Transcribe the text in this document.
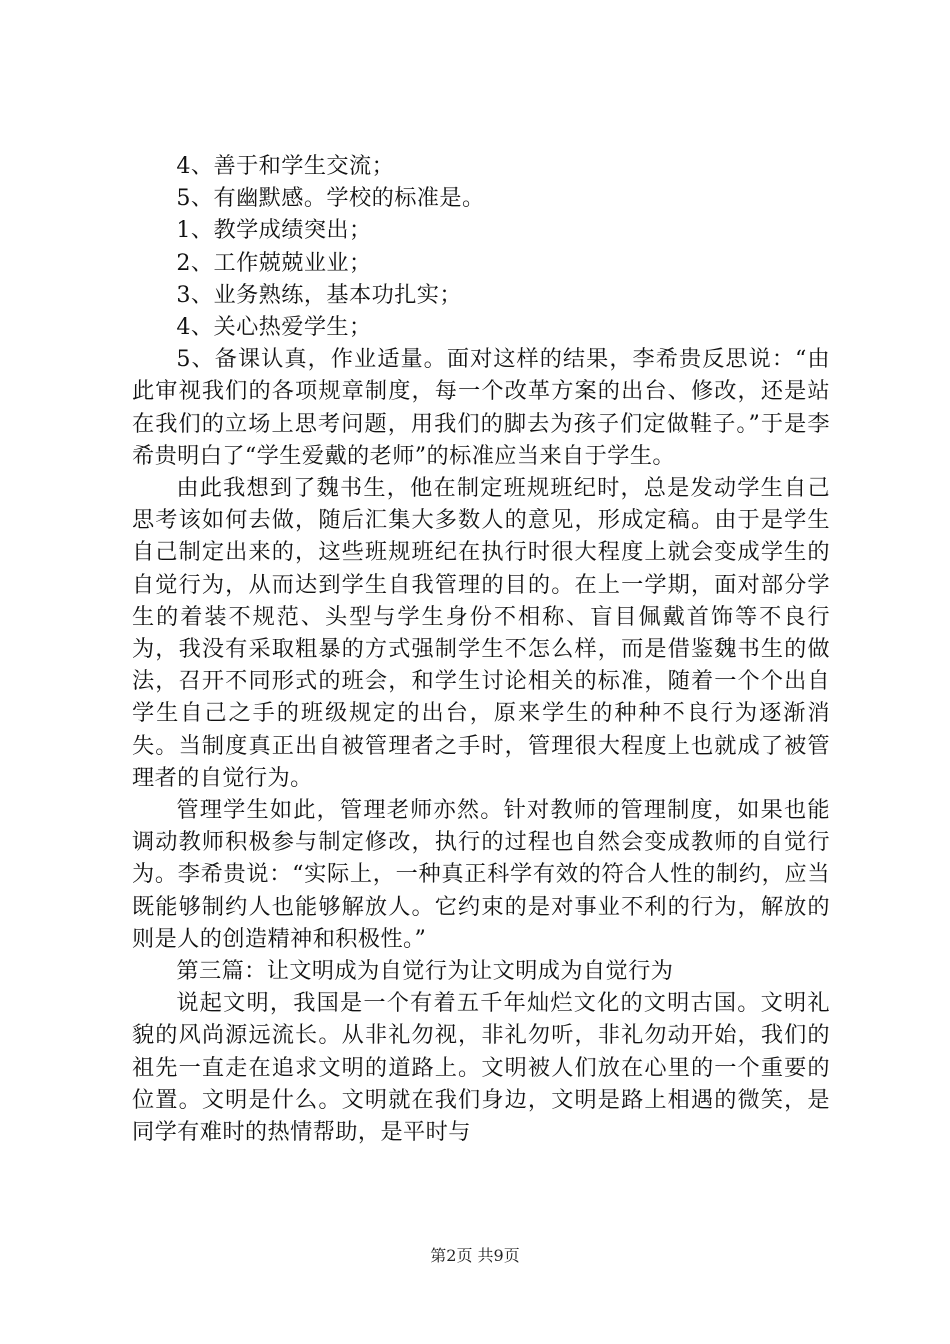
4、善于和学生交流；

5、有幽默感。学校的标准是。

1、教学成绩突出；

2、工作兢兢业业；

3、业务熟练，基本功扎实；

4、关心热爱学生；

5、备课认真，作业适量。面对这样的结果，李希贵反思说：“由此审视我们的各项规章制度，每一个改革方案的出台、修改，还是站在我们的立场上思考问题，用我们的脚去为孩子们定做鞋子。”于是李希贵明白了“学生爱戴的老师”的标准应当来自于学生。

由此我想到了魏书生，他在制定班规班纪时，总是发动学生自己思考该如何去做，随后汇集大多数人的意见，形成定稿。由于是学生自己制定出来的，这些班规班纪在执行时很大程度上就会变成学生的自觉行为，从而达到学生自我管理的目的。在上一学期，面对部分学生的着装不规范、头型与学生身份不相称、盲目佩戴首饰等不良行为，我没有采取粗暴的方式强制学生不怎么样，而是借鉴魏书生的做法，召开不同形式的班会，和学生讨论相关的标准，随着一个个出自学生自己之手的班级规定的出台，原来学生的种种不良行为逐渐消失。当制度真正出自被管理者之手时，管理很大程度上也就成了被管理者的自觉行为。

管理学生如此，管理老师亦然。针对教师的管理制度，如果也能调动教师积极参与制定修改，执行的过程也自然会变成教师的自觉行为。李希贵说：“实际上，一种真正科学有效的符合人性的制约，应当既能够制约人也能够解放人。它约束的是对事业不利的行为，解放的则是人的创造精神和积极性。”

第三篇：让文明成为自觉行为让文明成为自觉行为

说起文明，我国是一个有着五千年灿烂文化的文明古国。文明礼貌的风尚源远流长。从非礼勿视，非礼勿听，非礼勿动开始，我们的祖先一直走在追求文明的道路上。文明被人们放在心里的一个重要的位置。文明是什么。文明就在我们身边，文明是路上相遇的微笑，是同学有难时的热情帮助，是平时与

第2页 共9页
